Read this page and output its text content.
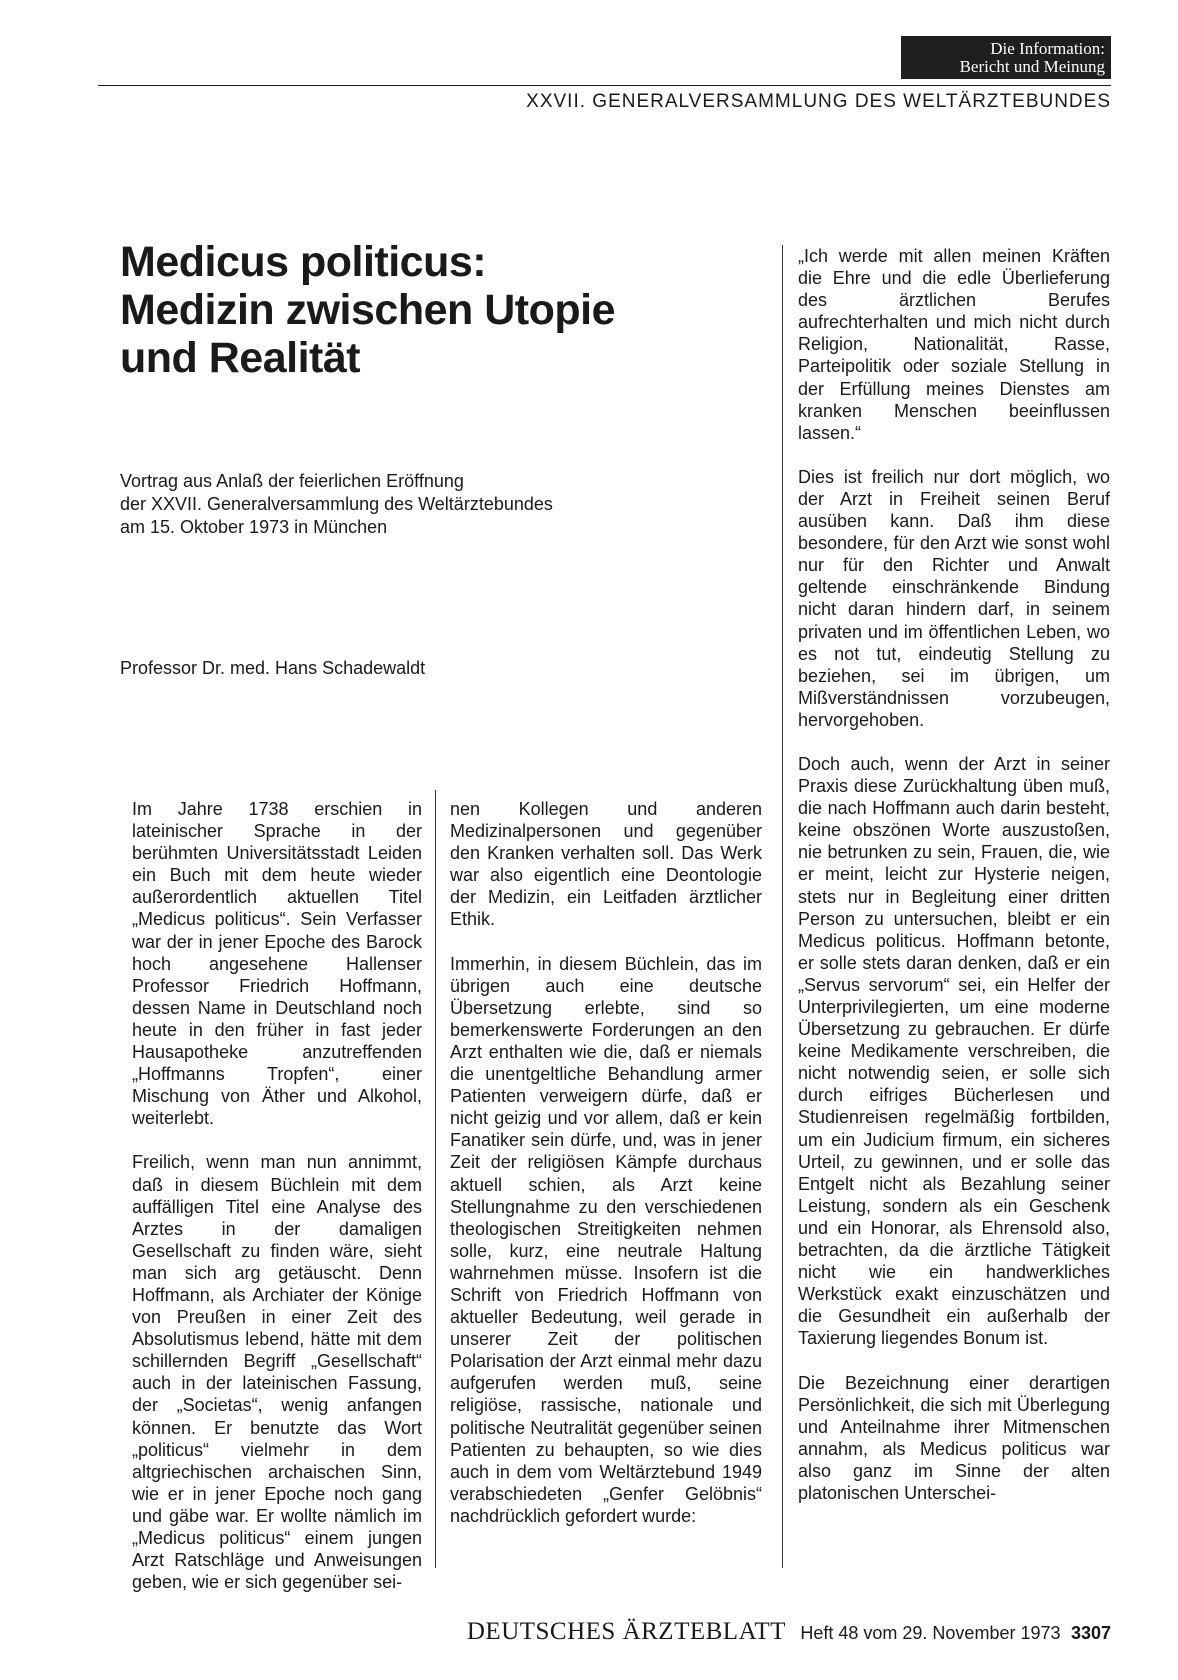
Die Information:
Bericht und Meinung
XXVII. GENERALVERSAMMLUNG DES WELTÄRZTEBUNDES
Medicus politicus:
Medizin zwischen Utopie
und Realität
Vortrag aus Anlaß der feierlichen Eröffnung
der XXVII. Generalversammlung des Weltärztebundes
am 15. Oktober 1973 in München
Professor Dr. med. Hans Schadewaldt

Im Jahre 1738 erschien in lateinischer Sprache in der berühmten Universitätsstadt Leiden ein Buch mit dem heute wieder außerordentlich aktuellen Titel „Medicus politicus“. Sein Verfasser war der in jener Epoche des Barock hoch angesehene Hallenser Professor Friedrich Hoffmann, dessen Name in Deutschland noch heute in den früher in fast jeder Hausapotheke anzutreffenden „Hoffmanns Tropfen“, einer Mischung von Äther und Alkohol, weiterlebt.

Freilich, wenn man nun annimmt, daß in diesem Büchlein mit dem auffälligen Titel eine Analyse des Arztes in der damaligen Gesellschaft zu finden wäre, sieht man sich arg getäuscht. Denn Hoffmann, als Archiater der Könige von Preußen in einer Zeit des Absolutismus lebend, hätte mit dem schillernden Begriff „Gesellschaft“ auch in der lateinischen Fassung, der „Societas“, wenig anfangen können. Er benutzte das Wort „politicus“ vielmehr in dem altgriechischen archaischen Sinn, wie er in jener Epoche noch gang und gäbe war. Er wollte nämlich im „Medicus politicus“ einem jungen Arzt Ratschläge und Anweisungen geben, wie er sich gegenüber sei-

nen Kollegen und anderen Medizinalpersonen und gegenüber den Kranken verhalten soll. Das Werk war also eigentlich eine Deontologie der Medizin, ein Leitfaden ärztlicher Ethik.

Immerhin, in diesem Büchlein, das im übrigen auch eine deutsche Übersetzung erlebte, sind so bemerkenswerte Forderungen an den Arzt enthalten wie die, daß er niemals die unentgeltliche Behandlung armer Patienten verweigern dürfe, daß er nicht geizig und vor allem, daß er kein Fanatiker sein dürfe, und, was in jener Zeit der religiösen Kämpfe durchaus aktuell schien, als Arzt keine Stellungnahme zu den verschiedenen theologischen Streitigkeiten nehmen solle, kurz, eine neutrale Haltung wahrnehmen müsse. Insofern ist die Schrift von Friedrich Hoffmann von aktueller Bedeutung, weil gerade in unserer Zeit der politischen Polarisation der Arzt einmal mehr dazu aufgerufen werden muß, seine religiöse, rassische, nationale und politische Neutralität gegenüber seinen Patienten zu behaupten, so wie dies auch in dem vom Weltärztebund 1949 verabschiedeten „Genfer Gelöbnis“ nachdrücklich gefordert wurde:

„Ich werde mit allen meinen Kräften die Ehre und die edle Überlieferung des ärztlichen Berufes aufrechterhalten und mich nicht durch Religion, Nationalität, Rasse, Parteipolitik oder soziale Stellung in der Erfüllung meines Dienstes am kranken Menschen beeinflussen lassen.“

Dies ist freilich nur dort möglich, wo der Arzt in Freiheit seinen Beruf ausüben kann. Daß ihm diese besondere, für den Arzt wie sonst wohl nur für den Richter und Anwalt geltende einschränkende Bindung nicht daran hindern darf, in seinem privaten und im öffentlichen Leben, wo es not tut, eindeutig Stellung zu beziehen, sei im übrigen, um Mißverständnissen vorzubeugen, hervorgehoben.

Doch auch, wenn der Arzt in seiner Praxis diese Zurückhaltung üben muß, die nach Hoffmann auch darin besteht, keine obszönen Worte auszustoßen, nie betrunken zu sein, Frauen, die, wie er meint, leicht zur Hysterie neigen, stets nur in Begleitung einer dritten Person zu untersuchen, bleibt er ein Medicus politicus. Hoffmann betonte, er solle stets daran denken, daß er ein „Servus servorum“ sei, ein Helfer der Unterprivilegierten, um eine moderne Übersetzung zu gebrauchen. Er dürfe keine Medikamente verschreiben, die nicht notwendig seien, er solle sich durch eifriges Bücherlesen und Studienreisen regelmäßig fortbilden, um ein Judicium firmum, ein sicheres Urteil, zu gewinnen, und er solle das Entgelt nicht als Bezahlung seiner Leistung, sondern als ein Geschenk und ein Honorar, als Ehrensold also, betrachten, da die ärztliche Tätigkeit nicht wie ein handwerkliches Werkstück exakt einzuschätzen und die Gesundheit ein außerhalb der Taxierung liegendes Bonum ist.

Die Bezeichnung einer derartigen Persönlichkeit, die sich mit Überlegung und Anteilnahme ihrer Mitmenschen annahm, als Medicus politicus war also ganz im Sinne der alten platonischen Unterschei-

DEUTSCHES ÄRZTEBLATT Heft 48 vom 29. November 1973 3307
